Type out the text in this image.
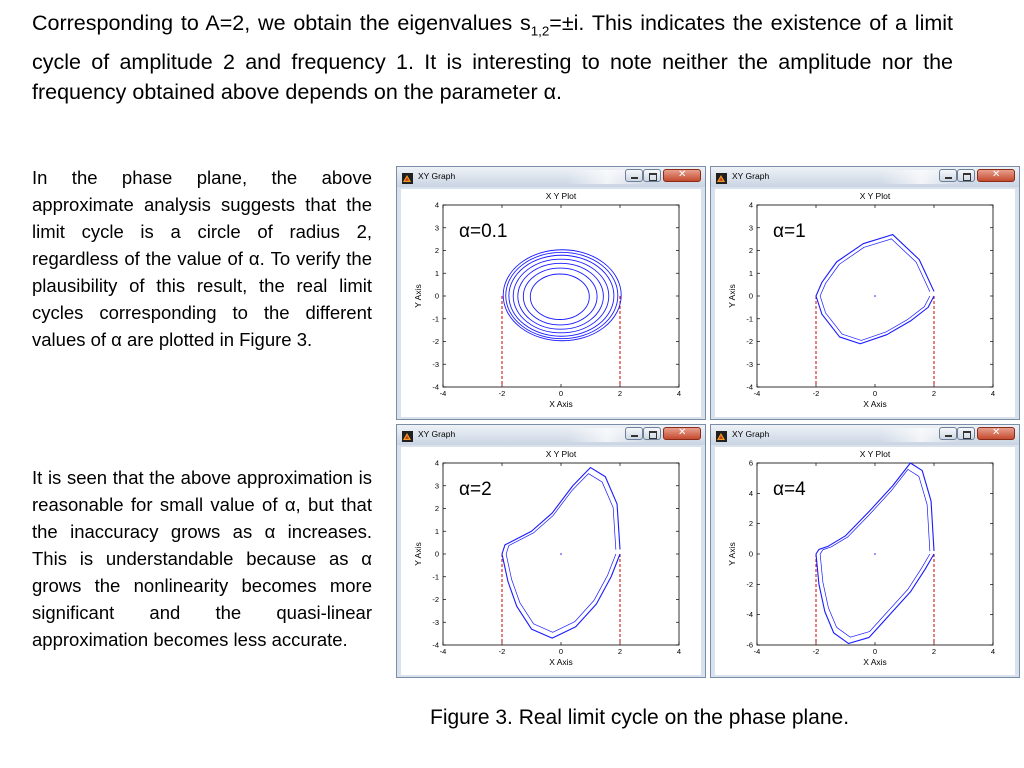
Corresponding to A=2, we obtain the eigenvalues $s_{1,2}=\pm i$. This indicates the existence of a limit cycle of amplitude 2 and frequency 1. It is interesting to note neither the amplitude nor the frequency obtained above depends on the parameter α.
In the phase plane, the above approximate analysis suggests that the limit cycle is a circle of radius 2, regardless of the value of α. To verify the plausibility of this result, the real limit cycles corresponding to the different values of α are plotted in Figure 3.
It is seen that the above approximation is reasonable for small value of α, but that the inaccuracy grows as α increases. This is understandable because as α grows the nonlinearity becomes more significant and the quasi-linear approximation becomes less accurate.
XY Graph
✕
X Y Plot
-4	-2	0	2	4
-4
-3
-2
-1
0
1
2
3
4
X Axis
Y Axis
α=0.1
XY Graph
✕
X Y Plot
-4	-2	0	2	4
-4
-3
-2
-1
0
1
2
3
4
X Axis
Y Axis
α=1
XY Graph
✕
X Y Plot
-4	-2	0	2	4
-4
-3
-2
-1
0
1
2
3
4
X Axis
Y Axis
α=2
XY Graph
✕
X Y Plot
-4	-2	0	2	4
-6
-4
-2
0
2
4
6
X Axis
Y Axis
α=4
Figure 3. Real limit cycle on the phase plane.
